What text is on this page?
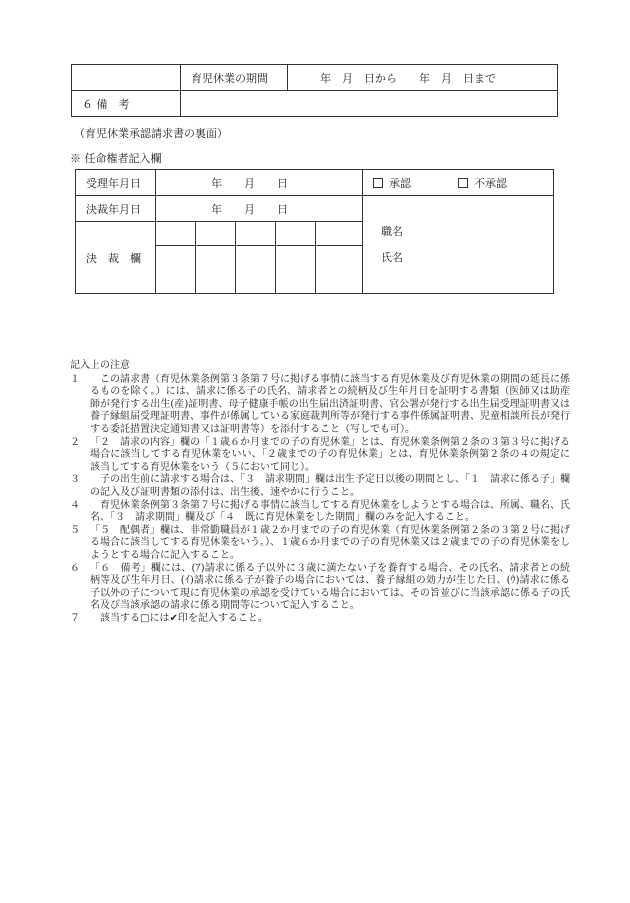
	育児休業の期間	年　月　日から　　年　月　日まで
６ 備　考		
（育児休業承認請求書の裏面）
※ 任命権者記入欄
受理年月日	年　　月　　日					承認 不承認
決裁年月日	年　　月　　日					職名
氏名

決　裁　欄						

記入上の注意
１	　この請求書（育児休業条例第３条第７号に掲げる事情に該当する育児休業及び育児休業の期間の延長に係るものを除く。）には、請求に係る子の氏名、請求者との続柄及び生年月日を証明する書類（医師又は助産師が発行する出生(産)証明書、母子健康手帳の出生届出済証明書、官公署が発行する出生届受理証明書又は養子縁組届受理証明書、事件が係属している家庭裁判所等が発行する事件係属証明書、児童相談所長が発行する委託措置決定通知書又は証明書等）を添付すること（写しでも可）。
２	「２　請求の内容」欄の「１歳６か月までの子の育児休業」とは、育児休業条例第２条の３第３号に掲げる場合に該当してする育児休業をいい、「２歳までの子の育児休業」とは、育児休業条例第２条の４の規定に該当してする育児休業をいう（５において同じ）。
３	　子の出生前に請求する場合は、「３　請求期間」欄は出生予定日以後の期間とし、「１　請求に係る子」欄の記入及び証明書類の添付は、出生後、速やかに行うこと。
４	　育児休業条例第３条第７号に掲げる事情に該当してする育児休業をしようとする場合は、所属、職名、氏名、「３　請求期間」欄及び「４　既に育児休業をした期間」欄のみを記入すること。
５	「５　配偶者」欄は、非常勤職員が１歳２か月までの子の育児休業（育児休業条例第２条の３第２号に掲げる場合に該当してする育児休業をいう。）、１歳６か月までの子の育児休業又は２歳までの子の育児休業をしようとする場合に記入すること。
６	「６　備考」欄には、(ｱ)請求に係る子以外に３歳に満たない子を養育する場合、その氏名、請求者との続柄等及び生年月日、(ｲ)請求に係る子が養子の場合においては、養子縁組の効力が生じた日、(ｳ)請求に係る子以外の子について現に育児休業の承認を受けている場合においては、その旨並びに当該承認に係る子の氏名及び当該承認の請求に係る期間等について記入すること。
７	　該当する□には✔印を記入すること。
